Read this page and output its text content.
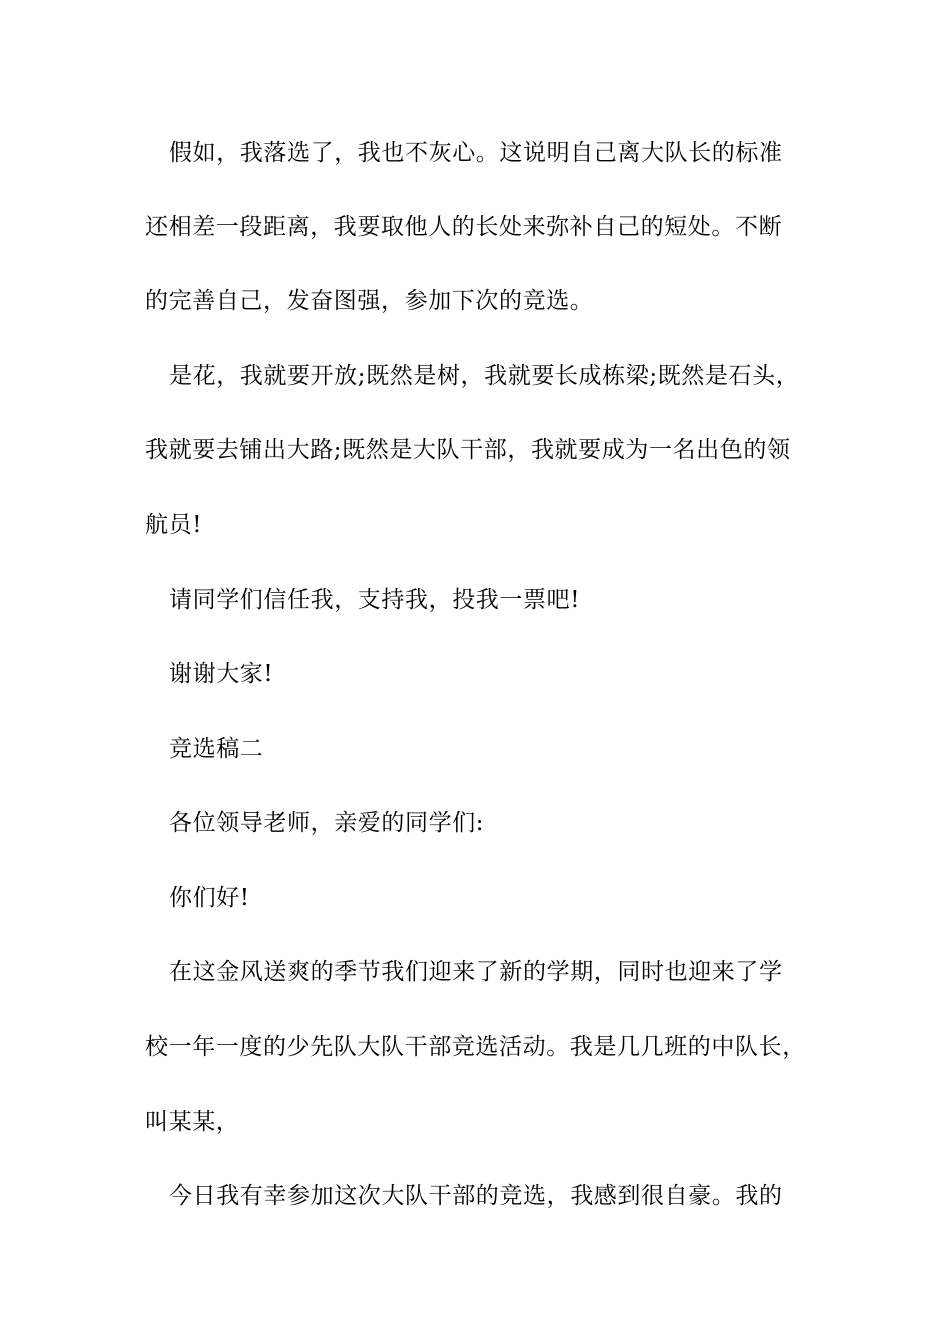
假如，我落选了，我也不灰心。这说明自己离大队长的标准
还相差一段距离，我要取他人的长处来弥补自己的短处。不断
的完善自己，发奋图强，参加下次的竞选。
是花，我就要开放;既然是树，我就要长成栋梁;既然是石头，
我就要去铺出大路;既然是大队干部，我就要成为一名出色的领
航员!
请同学们信任我，支持我，投我一票吧!
谢谢大家!
竞选稿二
各位领导老师，亲爱的同学们:
你们好!
在这金风送爽的季节我们迎来了新的学期，同时也迎来了学
校一年一度的少先队大队干部竞选活动。我是几几班的中队长，
叫某某，
今日我有幸参加这次大队干部的竞选，我感到很自豪。我的
